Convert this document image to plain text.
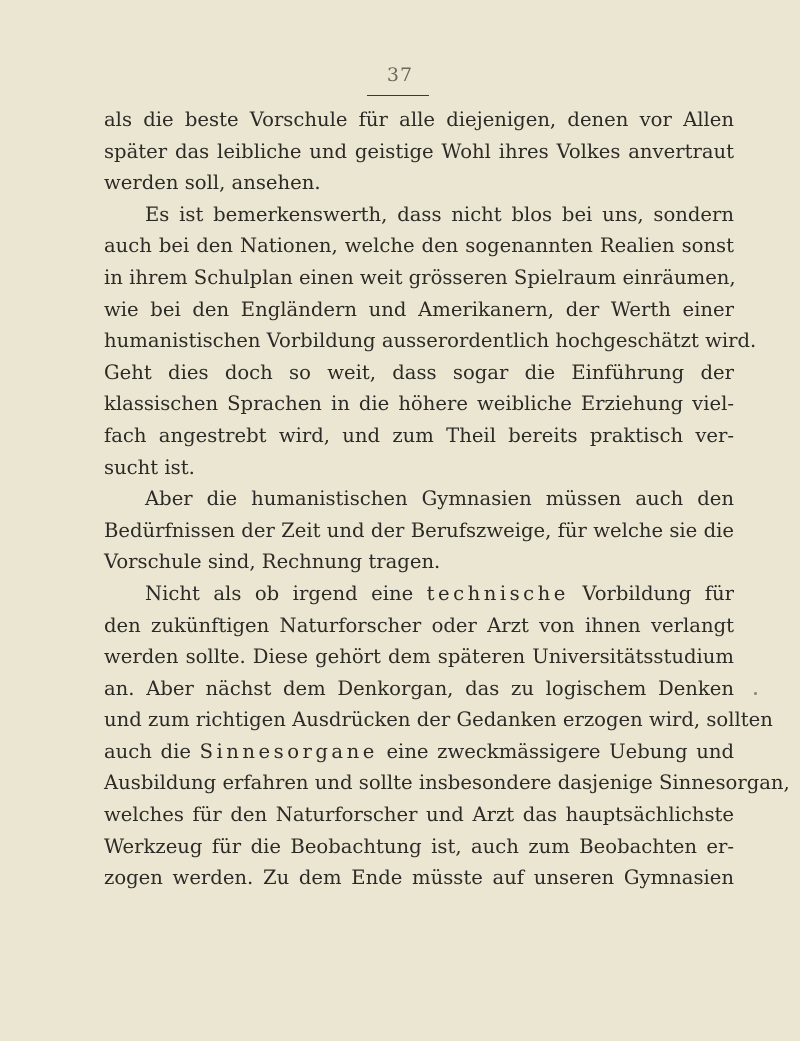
37
als die beste Vorschule für alle diejenigen, denen vor Allen
später das leibliche und geistige Wohl ihres Volkes anvertraut
werden soll, ansehen.
Es ist bemerkenswerth, dass nicht blos bei uns, sondern
auch bei den Nationen, welche den sogenannten Realien sonst
in ihrem Schulplan einen weit grösseren Spielraum einräumen,
wie bei den Engländern und Amerikanern, der Werth einer
humanistischen Vorbildung ausserordentlich hochgeschätzt wird.
Geht dies doch so weit, dass sogar die Einführung der
klassischen Sprachen in die höhere weibliche Erziehung viel-
fach angestrebt wird, und zum Theil bereits praktisch ver-
sucht ist.
Aber die humanistischen Gymnasien müssen auch den
Bedürfnissen der Zeit und der Berufszweige, für welche sie die
Vorschule sind, Rechnung tragen.
Nicht als ob irgend eine technische Vorbildung für
den zukünftigen Naturforscher oder Arzt von ihnen verlangt
werden sollte. Diese gehört dem späteren Universitätsstudium
an. Aber nächst dem Denkorgan, das zu logischem Denken
und zum richtigen Ausdrücken der Gedanken erzogen wird, sollten
auch die Sinnesorgane eine zweckmässigere Uebung und
Ausbildung erfahren und sollte insbesondere dasjenige Sinnesorgan,
welches für den Naturforscher und Arzt das hauptsächlichste
Werkzeug für die Beobachtung ist, auch zum Beobachten er-
zogen werden. Zu dem Ende müsste auf unseren Gymnasien
